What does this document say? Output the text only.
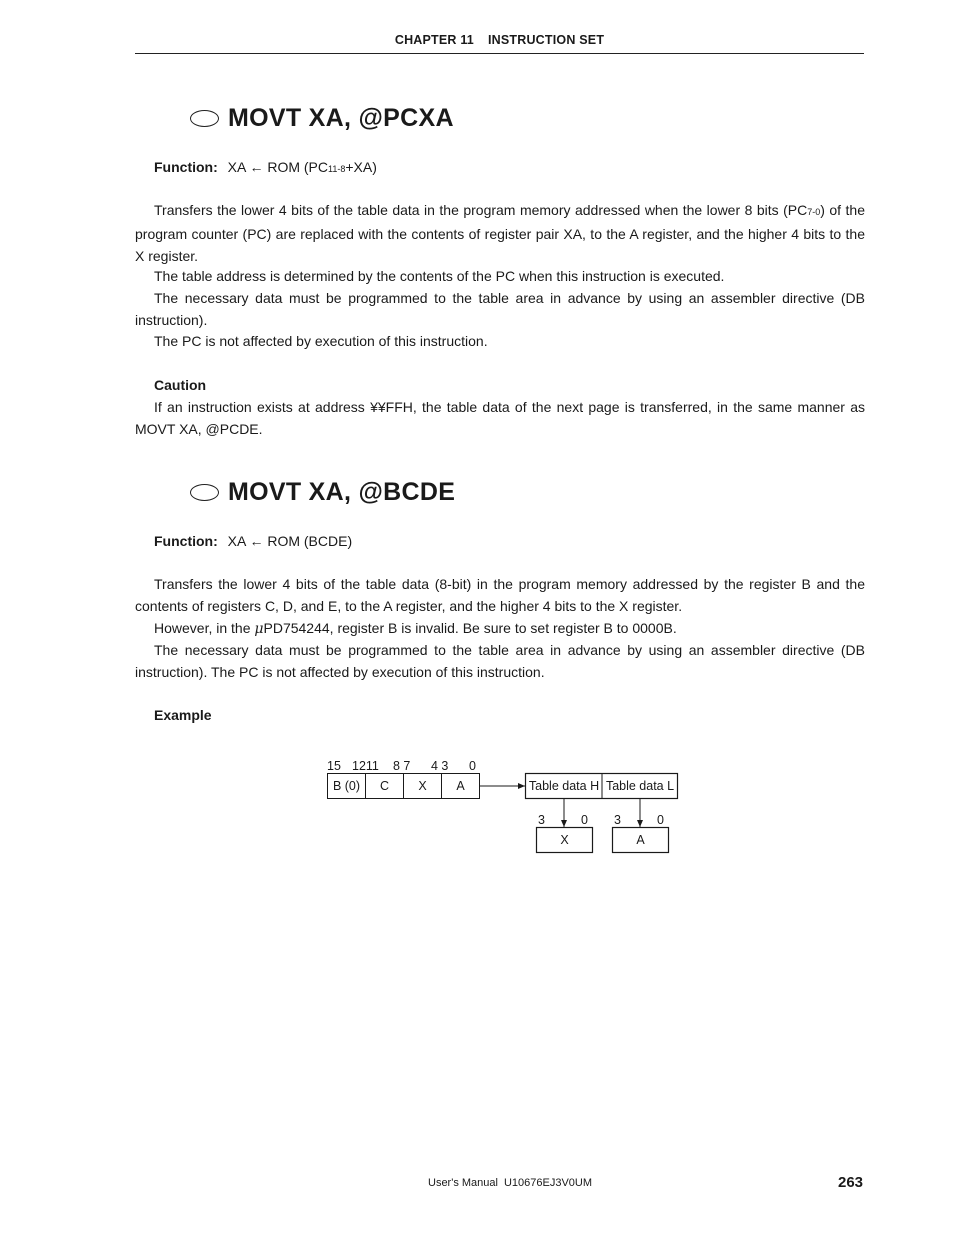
CHAPTER 11 INSTRUCTION SET
MOVT XA, @PCXA
Function: XA ← ROM (PC11-8+XA)

Transfers the lower 4 bits of the table data in the program memory addressed when the lower 8 bits (PC7-0) of the program counter (PC) are replaced with the contents of register pair XA, to the A register, and the higher 4 bits to the X register.

The table address is determined by the contents of the PC when this instruction is executed.

The necessary data must be programmed to the table area in advance by using an assembler directive (DB instruction).

The PC is not affected by execution of this instruction.

Caution

If an instruction exists at address ¥¥FFH, the table data of the next page is transferred, in the same manner as MOVT XA, @PCDE.

MOVT XA, @BCDE
Function: XA ← ROM (BCDE)

Transfers the lower 4 bits of the table data (8-bit) in the program memory addressed by the register B and the contents of registers C, D, and E, to the A register, and the higher 4 bits to the X register.

However, in the μPD754244, register B is invalid. Be sure to set register B to 0000B.

The necessary data must be programmed to the table area in advance by using an assembler directive (DB instruction). The PC is not affected by execution of this instruction.

Example
15 1211 8 7 4 3 0
B (0) C X A	Table data H Table data L
3	0 3	0
X	A
User's Manual U10676EJ3V0UM	263
